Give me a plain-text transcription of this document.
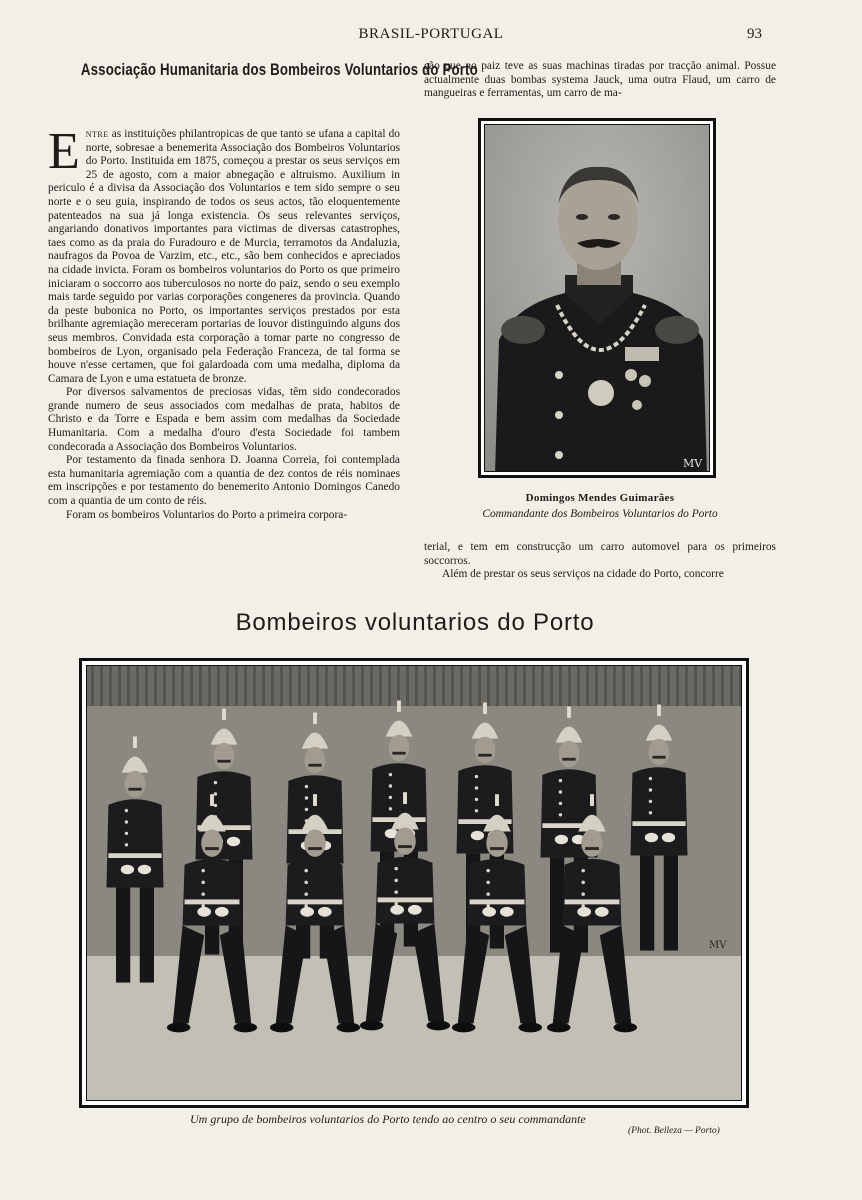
BRASIL-PORTUGAL	93
Associação Humanitaria dos Bombeiros Voluntarios do Porto

Entre as instituições philantropicas de que tanto se ufana a capital do norte, sobresae a benemerita Associação dos Bombeiros Voluntarios do Porto. Instituida em 1875, começou a prestar os seus serviços em 25 de agosto, com a maior abnegação e altruismo. Auxilium in periculo é a divisa da Associação dos Voluntarios e tem sido sempre o seu norte e o seu guia, inspirando de todos os seus actos, tão eloquentemente patenteados na sua já longa existencia. Os seus relevantes serviços, angariando donativos importantes para victimas de diversas catastrophes, taes como as da praia do Furadouro e de Murcia, terramotos da Andaluzia, naufragos da Povoa de Varzim, etc., etc., são bem conhecidos e apreciados na cidade invicta. Foram os bombeiros voluntarios do Porto os que primeiro iniciaram o soccorro aos tuberculosos no norte do paiz, sendo o seu exemplo mais tarde seguido por varias corporações congeneres da provincia. Quando da peste bubonica no Porto, os importantes serviços prestados por esta brilhante agremiação mereceram portarias de louvor distinguindo alguns dos seus membros. Convidada esta corporação a tomar parte no congresso de bombeiros de Lyon, organisado pela Federação Franceza, de tal forma se houve n'esse certamen, que foi galardoada com uma medalha, diploma da Camara de Lyon e uma estatueta de bronze.

Por diversos salvamentos de preciosas vidas, têm sido condecorados grande numero de seus associados com medalhas de prata, habitos de Christo e da Torre e Espada e bem assim com medalhas da Sociedade Humanitaria. Com a medalha d'ouro d'esta Sociedade foi tambem condecorada a Associação dos Bombeiros Voluntarios.

Por testamento da finada senhora D. Joanna Correia, foi contemplada esta humanitaria agremiação com a quantia de dez contos de réis nominaes em inscripções e por testamento do benemerito Antonio Domingos Canedo com a quantia de um conto de réis.

Foram os bombeiros Voluntarios do Porto a primeira corpora-

ção que no paiz teve as suas machinas tiradas por tracção animal. Possue actualmente duas bombas systema Jauck, uma outra Flaud, um carro de mangueiras e ferramentas, um carro de ma-

MV
Domingos Mendes Guimarães
Commandante dos Bombeiros Voluntarios do Porto

terial, e tem em construcção um carro automovel para os primeiros soccorros.

Além de prestar os seus serviços na cidade do Porto, concorre

Bombeiros voluntarios do Porto
MV
Um grupo de bombeiros voluntarios do Porto tendo ao centro o seu commandante
(Phot. Belleza — Porto)
